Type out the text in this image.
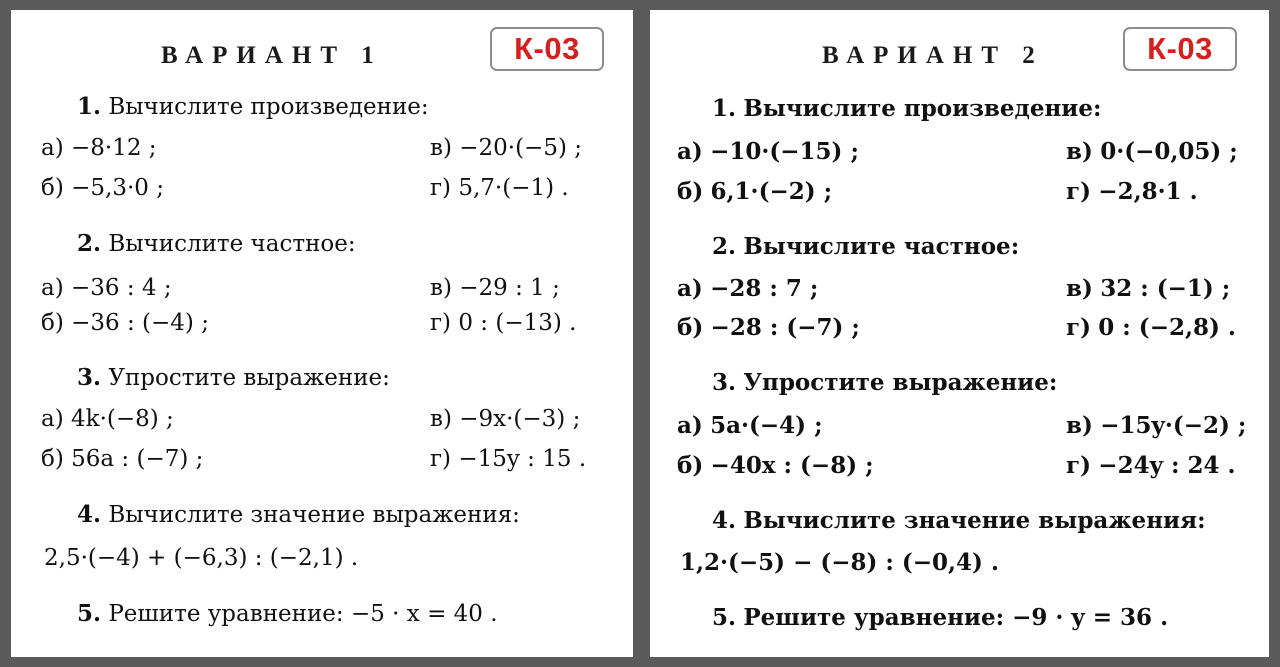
ВАРИАНТ 1	К-03
1. Вычислите произведение:
а) −8·12 ;	в) −20·(−5) ;
б) −5,3·0 ;	г) 5,7·(−1) .
2. Вычислите частное:
а) −36 : 4 ;	в) −29 : 1 ;
б) −36 : (−4) ;	г) 0 : (−13) .
3. Упростите выражение:
а) 4k·(−8) ;	в) −9x·(−3) ;
б) 56a : (−7) ;	г) −15y : 15 .
4. Вычислите значение выражения:
2,5·(−4) + (−6,3) : (−2,1) .
5. Решите уравнение: −5 · x = 40 .
ВАРИАНТ 2	К-03
1. Вычислите произведение:
а) −10·(−15) ;	в) 0·(−0,05) ;
б) 6,1·(−2) ;	г) −2,8·1 .
2. Вычислите частное:
а) −28 : 7 ;	в) 32 : (−1) ;
б) −28 : (−7) ;	г) 0 : (−2,8) .
3. Упростите выражение:
а) 5a·(−4) ;	в) −15y·(−2) ;
б) −40x : (−8) ;	г) −24y : 24 .
4. Вычислите значение выражения:
1,2·(−5) − (−8) : (−0,4) .
5. Решите уравнение: −9 · y = 36 .
